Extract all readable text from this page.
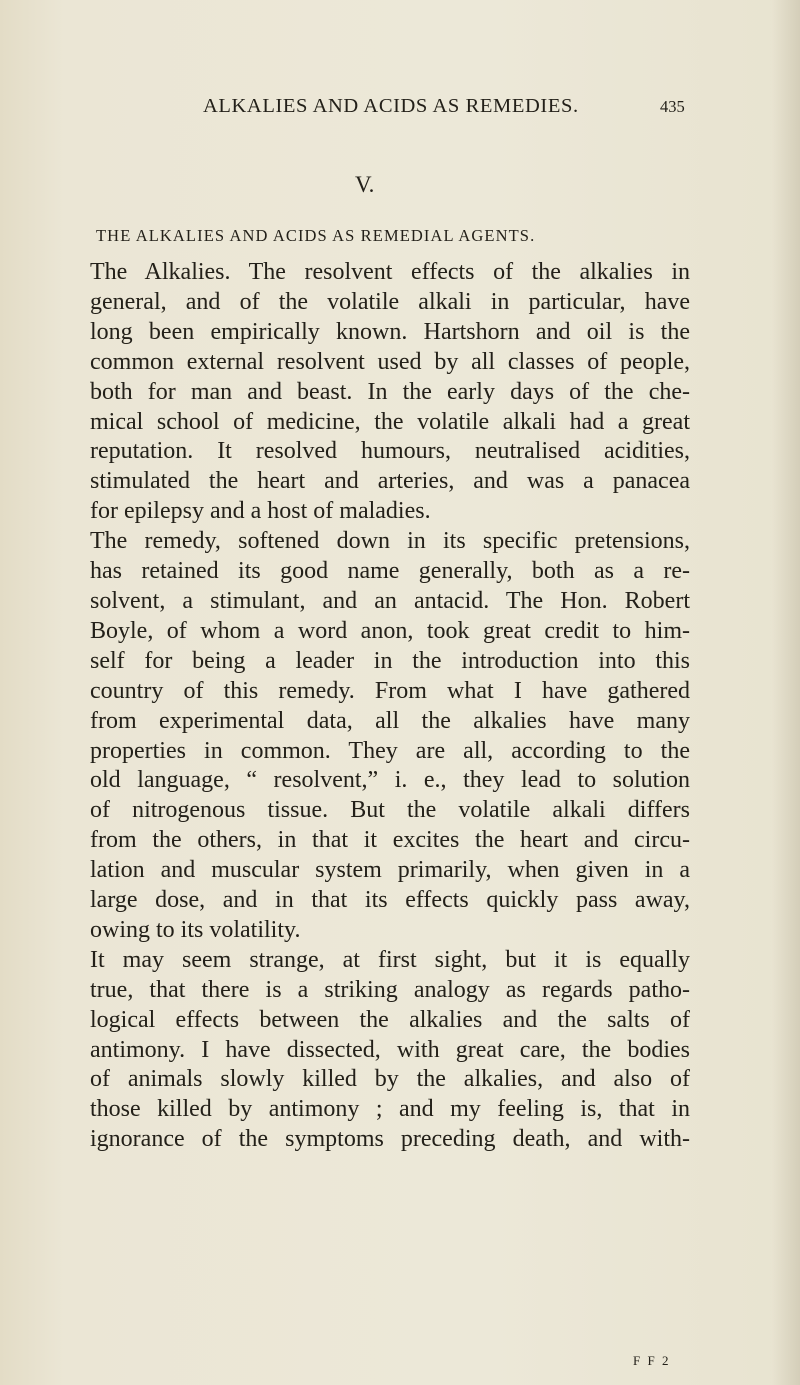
ALKALIES AND ACIDS AS REMEDIES.	435
V.
THE ALKALIES AND ACIDS AS REMEDIAL AGENTS.
The Alkalies. The resolvent effects of the alkalies in
general, and of the volatile alkali in particular, have
long been empirically known. Hartshorn and oil is the
common external resolvent used by all classes of people,
both for man and beast. In the early days of the che-
mical school of medicine, the volatile alkali had a great
reputation. It resolved humours, neutralised acidities,
stimulated the heart and arteries, and was a panacea
for epilepsy and a host of maladies.
The remedy, softened down in its specific pretensions,
has retained its good name generally, both as a re-
solvent, a stimulant, and an antacid. The Hon. Robert
Boyle, of whom a word anon, took great credit to him-
self for being a leader in the introduction into this
country of this remedy. From what I have gathered
from experimental data, all the alkalies have many
properties in common. They are all, according to the
old language, “ resolvent,” i. e., they lead to solution
of nitrogenous tissue. But the volatile alkali differs
from the others, in that it excites the heart and circu-
lation and muscular system primarily, when given in a
large dose, and in that its effects quickly pass away,
owing to its volatility.
It may seem strange, at first sight, but it is equally
true, that there is a striking analogy as regards patho-
logical effects between the alkalies and the salts of
antimony. I have dissected, with great care, the bodies
of animals slowly killed by the alkalies, and also of
those killed by antimony ; and my feeling is, that in
ignorance of the symptoms preceding death, and with-
F F 2
